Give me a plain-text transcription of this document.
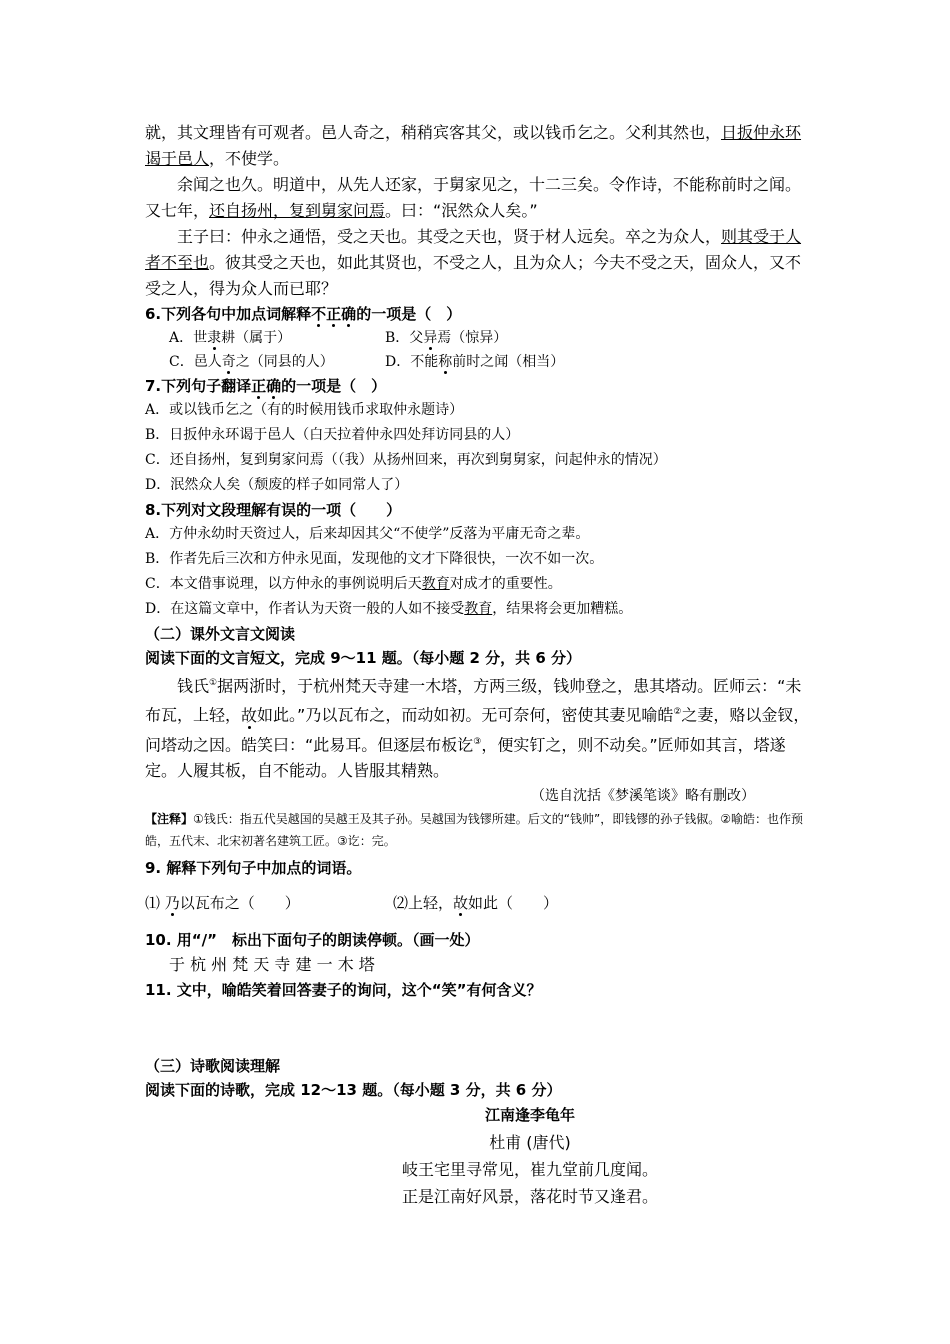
就，其文理皆有可观者。邑人奇之，稍稍宾客其父，或以钱币乞之。父利其然也，日扳仲永环谒于邑人，不使学。

余闻之也久。明道中，从先人还家，于舅家见之，十二三矣。令作诗，不能称前时之闻。又七年，还自扬州，复到舅家问焉。曰：“泯然众人矣。”

王子曰：仲永之通悟，受之天也。其受之天也，贤于材人远矣。卒之为众人，则其受于人者不至也。彼其受之天也，如此其贤也，不受之人，且为众人；今夫不受之天，固众人，又不受之人，得为众人而已耶？

6.下列各句中加点词解释不正确的一项是（　）

A．世隶耕（属于）	B．父异焉（惊异）
C．邑人奇之（同县的人）	D．不能称前时之闻（相当）

7.下列句子翻译正确的一项是（　）

A．或以钱币乞之（有的时候用钱币求取仲永题诗）

B．日扳仲永环谒于邑人（白天拉着仲永四处拜访同县的人）

C．还自扬州，复到舅家问焉（（我）从扬州回来，再次到舅舅家，问起仲永的情况）

D．泯然众人矣（颓废的样子如同常人了）

8.下列对文段理解有误的一项（　　）

A．方仲永幼时天资过人，后来却因其父“不使学”反落为平庸无奇之辈。

B．作者先后三次和方仲永见面，发现他的文才下降很快，一次不如一次。

C．本文借事说理，以方仲永的事例说明后天教育对成才的重要性。

D．在这篇文章中，作者认为天资一般的人如不接受教育，结果将会更加糟糕。

（二）课外文言文阅读

阅读下面的文言短文，完成 9～11 题。（每小题 2 分，共 6 分）

钱氏①据两浙时，于杭州梵天寺建一木塔，方两三级，钱帅登之，患其塔动。匠师云：“未布瓦，上轻，故如此。”乃以瓦布之，而动如初。无可奈何，密使其妻见喻皓②之妻，赂以金钗，问塔动之因。皓笑曰：“此易耳。但逐层布板讫③，便实钉之，则不动矣。”匠师如其言，塔遂定。人履其板，自不能动。人皆服其精熟。

（选自沈括《梦溪笔谈》略有删改）

【注释】①钱氏：指五代吴越国的吴越王及其子孙。吴越国为钱镠所建。后文的“钱帅”，即钱镠的孙子钱俶。②喻皓：也作预皓，五代末、北宋初著名建筑工匠。③讫：完。

9. 解释下列句子中加点的词语。

⑴ 乃以瓦布之（　　）	⑵上轻，故如此（　　）

10. 用“/”　标出下面句子的朗读停顿。（画一处）

于 杭 州 梵 天 寺 建 一 木 塔

11. 文中，喻皓笑着回答妻子的询问，这个“笑”有何含义？

（三）诗歌阅读理解

阅读下面的诗歌，完成 12～13 题。（每小题 3 分，共 6 分）

江南逢李龟年

杜甫 (唐代)

岐王宅里寻常见，崔九堂前几度闻。

正是江南好风景，落花时节又逢君。
